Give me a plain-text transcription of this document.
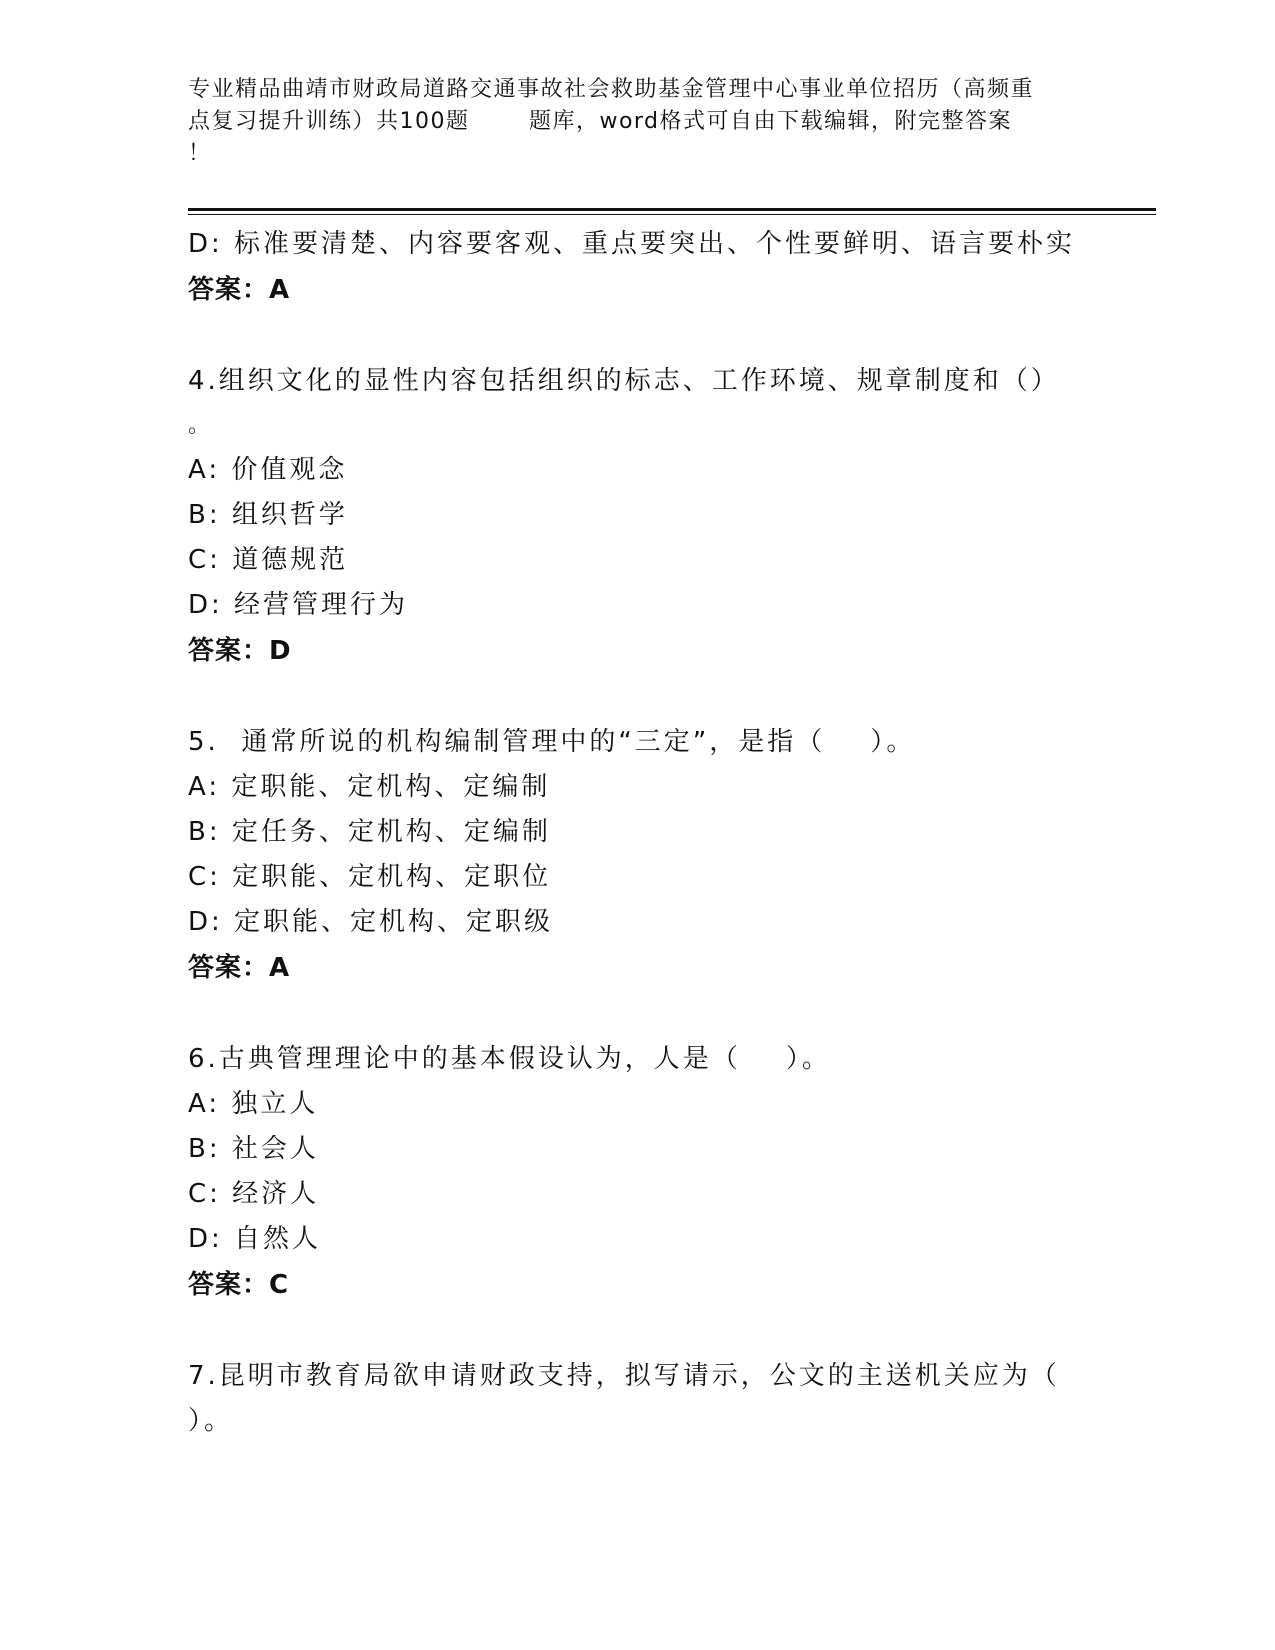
专业精品曲靖市财政局道路交通事故社会救助基金管理中心事业单位招历（高频重
点复习提升训练）共100题       题库，word格式可自由下载编辑，附完整答案
！
D: 标准要清楚、内容要客观、重点要突出、个性要鲜明、语言要朴实
答案：A
4.组织文化的显性内容包括组织的标志、工作环境、规章制度和（）
。
A: 价值观念
B: 组织哲学
C: 道德规范
D: 经营管理行为
答案：D
5.  通常所说的机构编制管理中的“三定”，是指（    ）。
A: 定职能、定机构、定编制
B: 定任务、定机构、定编制
C: 定职能、定机构、定职位
D: 定职能、定机构、定职级
答案：A
6.古典管理理论中的基本假设认为，人是（    ）。
A: 独立人
B: 社会人
C: 经济人
D: 自然人
答案：C
7.昆明市教育局欲申请财政支持，拟写请示，公文的主送机关应为（
）。
